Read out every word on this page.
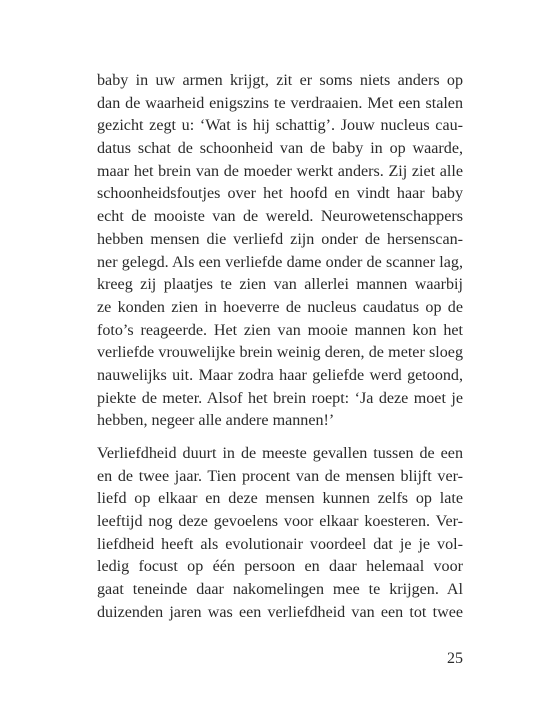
baby in uw armen krijgt, zit er soms niets anders op
dan de waarheid enigszins te verdraaien. Met een stalen
gezicht zegt u: ‘Wat is hij schattig’. Jouw nucleus cau-
datus schat de schoonheid van de baby in op waarde,
maar het brein van de moeder werkt anders. Zij ziet alle
schoonheidsfoutjes over het hoofd en vindt haar baby
echt de mooiste van de wereld. Neurowetenschappers
hebben mensen die verliefd zijn onder de hersenscan-
ner gelegd. Als een verliefde dame onder de scanner lag,
kreeg zij plaatjes te zien van allerlei mannen waarbij
ze konden zien in hoeverre de nucleus caudatus op de
foto’s reageerde. Het zien van mooie mannen kon het
verliefde vrouwelijke brein weinig deren, de meter sloeg
nauwelijks uit. Maar zodra haar geliefde werd getoond,
piekte de meter. Alsof het brein roept: ‘Ja deze moet je
hebben, negeer alle andere mannen!’
Verliefdheid duurt in de meeste gevallen tussen de een
en de twee jaar. Tien procent van de mensen blijft ver-
liefd op elkaar en deze mensen kunnen zelfs op late
leeftijd nog deze gevoelens voor elkaar koesteren. Ver-
liefdheid heeft als evolutionair voordeel dat je je vol-
ledig focust op één persoon en daar helemaal voor
gaat teneinde daar nakomelingen mee te krijgen. Al
duizenden jaren was een verliefdheid van een tot twee
25
